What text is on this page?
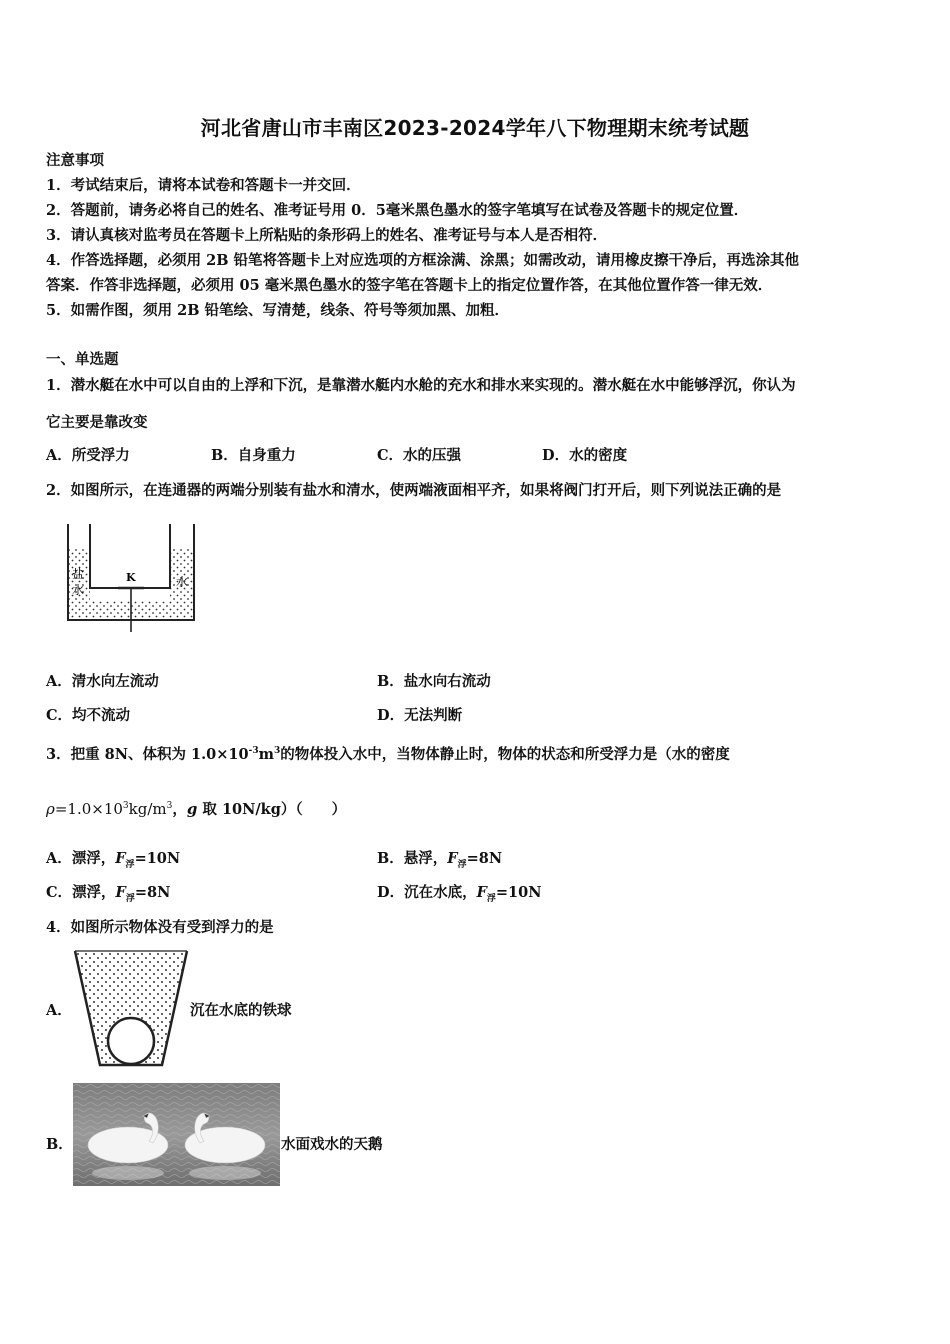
河北省唐山市丰南区2023-2024学年八下物理期末统考试题
注意事项
1．考试结束后，请将本试卷和答题卡一并交回．
2．答题前，请务必将自己的姓名、准考证号用 0．5毫米黑色墨水的签字笔填写在试卷及答题卡的规定位置．
3．请认真核对监考员在答题卡上所粘贴的条形码上的姓名、准考证号与本人是否相符．
4．作答选择题，必须用 2B 铅笔将答题卡上对应选项的方框涂满、涂黑；如需改动，请用橡皮擦干净后，再选涂其他
答案．作答非选择题，必须用 05 毫米黑色墨水的签字笔在答题卡上的指定位置作答，在其他位置作答一律无效．
5．如需作图，须用 2B 铅笔绘、写清楚，线条、符号等须加黑、加粗．
一、单选题
1．潜水艇在水中可以自由的上浮和下沉，是靠潜水艇内水舱的充水和排水来实现的。潜水艇在水中能够浮沉，你认为
它主要是靠改变
A．所受浮力	B．自身重力	C．水的压强	D．水的密度
2．如图所示，在连通器的两端分别装有盐水和清水，使两端液面相平齐，如果将阀门打开后，则下列说法正确的是
K
盐
水
水
A．清水向左流动	B．盐水向右流动
C．均不流动	D．无法判断
3．把重 8N、体积为 $1.0\times 10^{-3}m^3$的物体投入水中，当物体静止时，物体的状态和所受浮力是（水的密度
$\rho=1.0\times 10^3kg/m^3$，g 取 10N/kg）（　　）
A．漂浮，$F_浮=10N$	B．悬浮，$F_浮=8N$
C．漂浮，$F_浮=8N$	D．沉在水底，$F_浮=10N$
4．如图所示物体没有受到浮力的是
A．	沉在水底的铁球
B．	水面戏水的天鹅
